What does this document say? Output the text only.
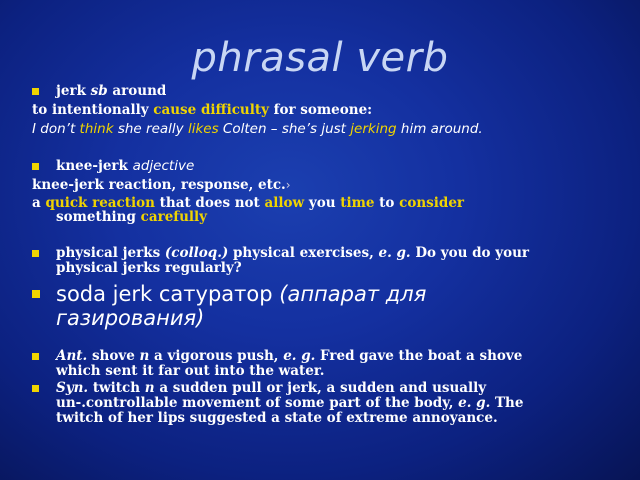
phrasal verb
jerk sb around
to intentionally cause difficulty for someone:
I don’t think she really likes Colten – she’s just jerking him around.
knee-jerk adjective
knee-jerk reaction, response, etc.›
a quick reaction that does not allow you time to consider
something carefully
physical jerks (colloq.) physical exercises, e. g. Do you do your
physical jerks regularly?
soda jerk сатуратор (аппарат для
газирования)
Ant. shove n a vigorous push, e. g. Fred gave the boat a shove
which sent it far out into the water.
Syn. twitch n a sudden pull or jerk, a sudden and usually
un-.controllable movement of some part of the body, e. g. The
twitch of her lips suggested a state of extreme annoyance.
